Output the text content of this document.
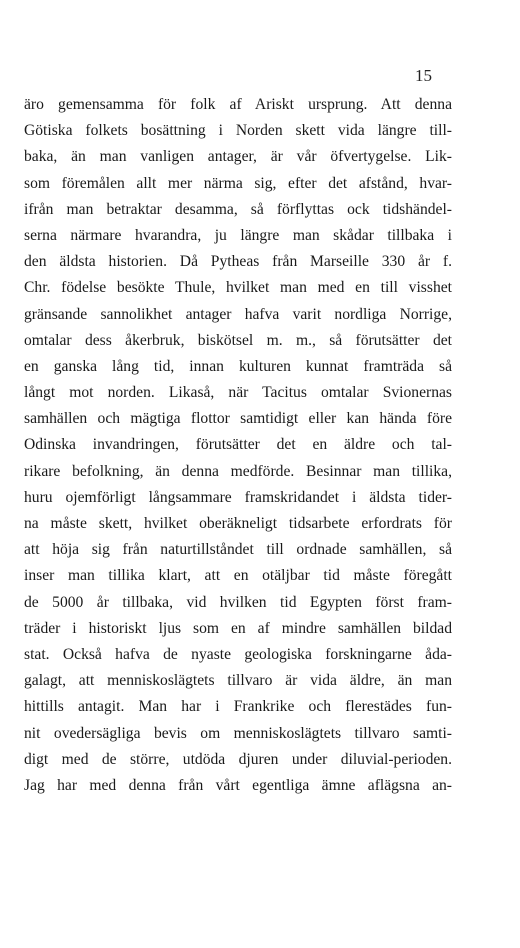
15
äro gemensamma för folk af Ariskt ursprung. Att denna
Götiska folkets bosättning i Norden skett vida längre till-
baka, än man vanligen antager, är vår öfvertygelse. Lik-
som föremålen allt mer närma sig, efter det afstånd, hvar-
ifrån man betraktar desamma, så förflyttas ock tidshändel-
serna närmare hvarandra, ju längre man skådar tillbaka i
den äldsta historien. Då Pytheas från Marseille 330 år f.
Chr. födelse besökte Thule, hvilket man med en till visshet
gränsande sannolikhet antager hafva varit nordliga Norrige,
omtalar dess åkerbruk, biskötsel m. m., så förutsätter det
en ganska lång tid, innan kulturen kunnat framträda så
långt mot norden. Likaså, när Tacitus omtalar Svionernas
samhällen och mägtiga flottor samtidigt eller kan hända före
Odinska invandringen, förutsätter det en äldre och tal-
rikare befolkning, än denna medförde. Besinnar man tillika,
huru ojemförligt långsammare framskridandet i äldsta tider-
na måste skett, hvilket oberäkneligt tidsarbete erfordrats för
att höja sig från naturtillståndet till ordnade samhällen, så
inser man tillika klart, att en otäljbar tid måste föregått
de 5000 år tillbaka, vid hvilken tid Egypten först fram-
träder i historiskt ljus som en af mindre samhällen bildad
stat. Också hafva de nyaste geologiska forskningarne åda-
galagt, att menniskoslägtets tillvaro är vida äldre, än man
hittills antagit. Man har i Frankrike och flerestädes fun-
nit ovedersägliga bevis om menniskoslägtets tillvaro samti-
digt med de större, utdöda djuren under diluvial-perioden.
Jag har med denna från vårt egentliga ämne aflägsna an-
